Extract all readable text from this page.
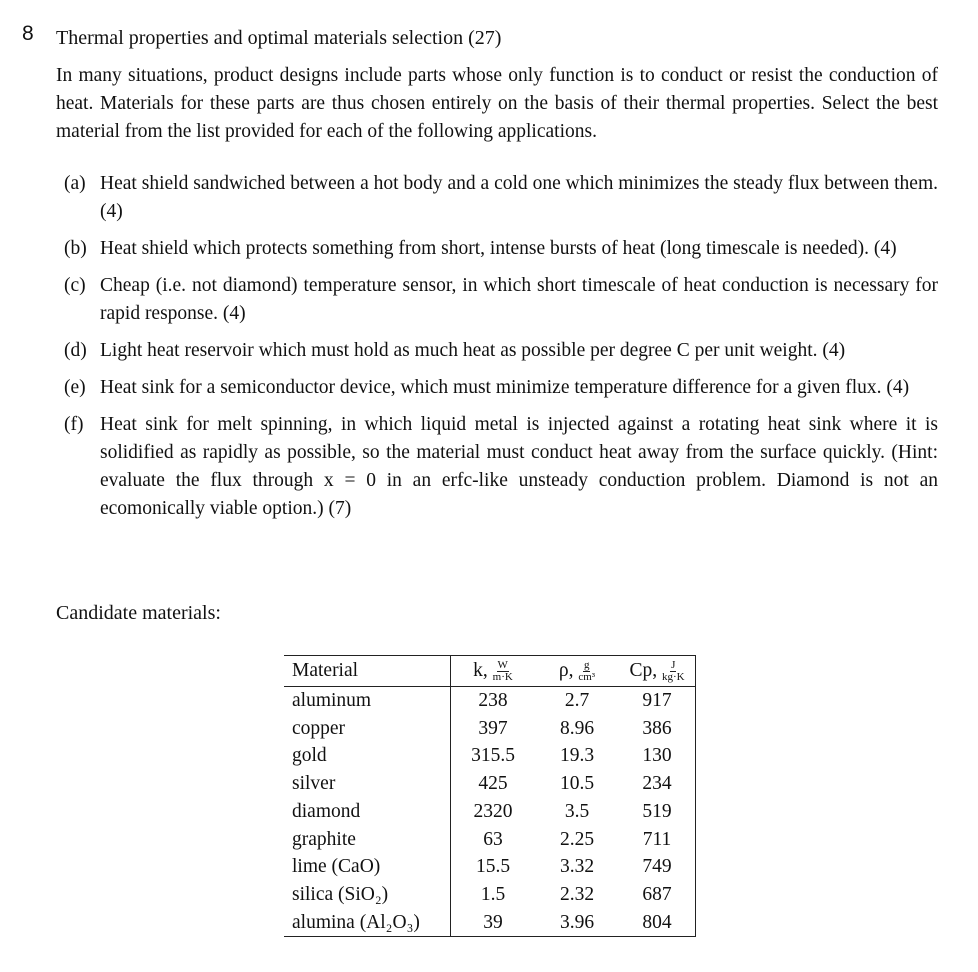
8 Thermal properties and optimal materials selection (27)

In many situations, product designs include parts whose only function is to conduct or resist the conduction of heat. Materials for these parts are thus chosen entirely on the basis of their thermal properties. Select the best material from the list provided for each of the following applications.

(a) Heat shield sandwiched between a hot body and a cold one which minimizes the steady flux between them. (4)
(b) Heat shield which protects something from short, intense bursts of heat (long timescale is needed). (4)
(c) Cheap (i.e. not diamond) temperature sensor, in which short timescale of heat conduction is necessary for rapid response. (4)
(d) Light heat reservoir which must hold as much heat as possible per degree C per unit weight. (4)
(e) Heat sink for a semiconductor device, which must minimize temperature difference for a given flux. (4)
(f) Heat sink for melt spinning, in which liquid metal is injected against a rotating heat sink where it is solidified as rapidly as possible, so the material must conduct heat away from the surface quickly. (Hint: evaluate the flux through x = 0 in an erfc-like unsteady conduction problem. Diamond is not an ecomonically viable option.) (7)
Candidate materials:
Material	k, $\frac{W}{m\cdot K}$	ρ, $\frac{g}{\text{cm³}}$	Cp, $\frac{J}{kg\cdot K}$

aluminum	238	2.7	917
copper	397	8.96	386
gold	315.5	19.3	130
silver	425	10.5	234
diamond	2320	3.5	519
graphite	63	2.25	711
lime (CaO)	15.5	3.32	749
silica (SiO₂)	1.5	2.32	687
alumina (Al₂O₃)	39	3.96	804
